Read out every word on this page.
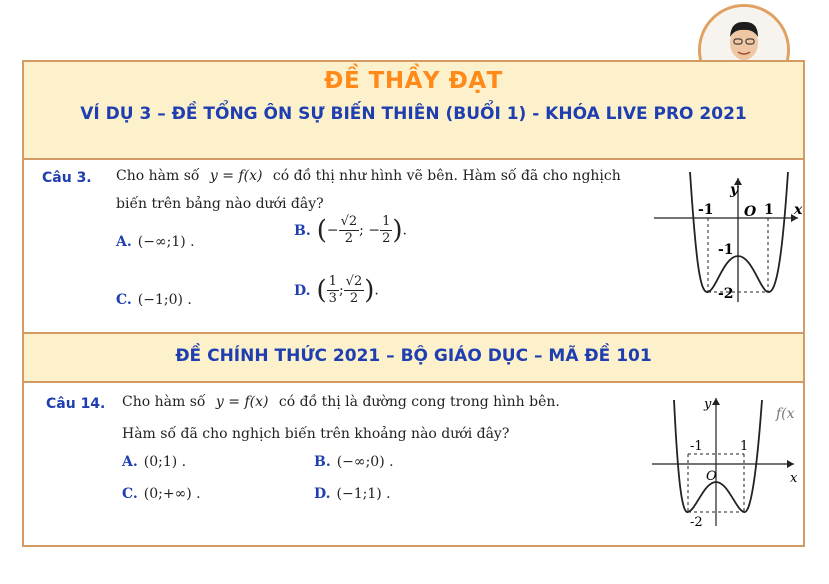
ĐỀ THẦY ĐẠT
VÍ DỤ 3 – ĐỀ TỔNG ÔN SỰ BIẾN THIÊN (BUỔI 1) - KHÓA LIVE PRO 2021
Câu 3. Cho hàm số y = f(x) có đồ thị như hình vẽ bên. Hàm số đã cho nghịch
biến trên bảng nào dưới đây?
A. (−∞;1) .
B. (− $\frac{√2}{2}$ ; − $\frac{1}{2}$ ).
C. (−1;0) .
D. ( $\frac{1}{3}$ ; $\frac{√2}{2}$ ).
y
x
-1 O 1
-1
-2
ĐỀ CHÍNH THỨC 2021 – BỘ GIÁO DỤC – MÃ ĐỀ 101
Câu 14. Cho hàm số y = f(x) có đồ thị là đường cong trong hình bên.
Hàm số đã cho nghịch biến trên khoảng nào dưới đây?
A. (0;1) .	B. (−∞;0) .
C. (0;+∞) .	D. (−1;1) .
y
x
-1
O
1
-2
f(x
